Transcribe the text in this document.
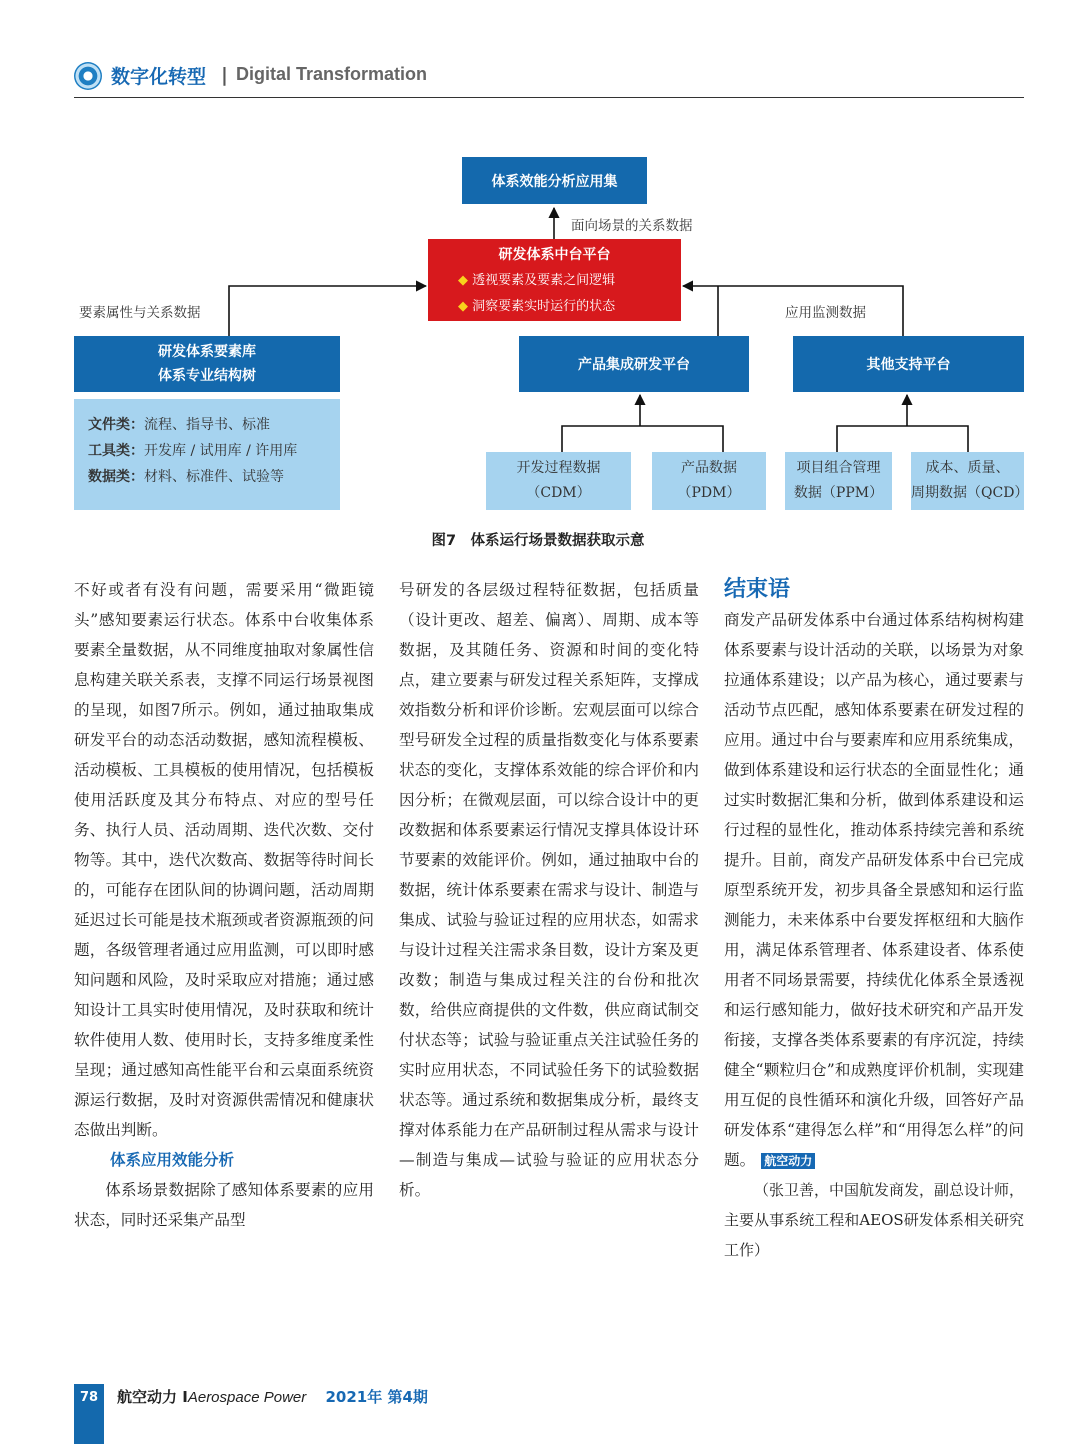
数字化转型 | Digital Transformation
体系效能分析应用集
面向场景的关系数据
研发体系中台平台
◆ 透视要素及要素之间逻辑
◆ 洞察要素实时运行的状态
要素属性与关系数据	应用监测数据
研发体系要素库
体系专业结构树
文件类：流程、指导书、标准
工具类：开发库 / 试用库 / 许用库
数据类：材料、标准件、试验等
产品集成研发平台	其他支持平台
开发过程数据
（CDM）
产品数据
（PDM）
项目组合管理
数据（PPM）
成本、质量、
周期数据（QCD）
图7　体系运行场景数据获取示意

不好或者有没有问题，需要采用“微距镜头”感知要素运行状态。体系中台收集体系要素全量数据，从不同维度抽取对象属性信息构建关联关系表，支撑不同运行场景视图的呈现，如图7所示。例如，通过抽取集成研发平台的动态活动数据，感知流程模板、活动模板、工具模板的使用情况，包括模板使用活跃度及其分布特点、对应的型号任务、执行人员、活动周期、迭代次数、交付物等。其中，迭代次数高、数据等待时间长的，可能存在团队间的协调问题，活动周期延迟过长可能是技术瓶颈或者资源瓶颈的问题，各级管理者通过应用监测，可以即时感知问题和风险，及时采取应对措施；通过感知设计工具实时使用情况，及时获取和统计软件使用人数、使用时长，支持多维度柔性呈现；通过感知高性能平台和云桌面系统资源运行数据，及时对资源供需情况和健康状态做出判断。

体系应用效能分析

体系场景数据除了感知体系要素的应用状态，同时还采集产品型

号研发的各层级过程特征数据，包括质量（设计更改、超差、偏离）、周期、成本等数据，及其随任务、资源和时间的变化特点，建立要素与研发过程关系矩阵，支撑成效指数分析和评价诊断。宏观层面可以综合型号研发全过程的质量指数变化与体系要素状态的变化，支撑体系效能的综合评价和内因分析；在微观层面，可以综合设计中的更改数据和体系要素运行情况支撑具体设计环节要素的效能评价。例如，通过抽取中台的数据，统计体系要素在需求与设计、制造与集成、试验与验证过程的应用状态，如需求与设计过程关注需求条目数，设计方案及更改数；制造与集成过程关注的台份和批次数，给供应商提供的文件数，供应商试制交付状态等；试验与验证重点关注试验任务的实时应用状态，不同试验任务下的试验数据状态等。通过系统和数据集成分析，最终支撑对体系能力在产品研制过程从需求与设计—制造与集成—试验与验证的应用状态分析。

结束语

商发产品研发体系中台通过体系结构树构建体系要素与设计活动的关联，以场景为对象拉通体系建设；以产品为核心，通过要素与活动节点匹配，感知体系要素在研发过程的应用。通过中台与要素库和应用系统集成，做到体系建设和运行状态的全面显性化；通过实时数据汇集和分析，做到体系建设和运行过程的显性化，推动体系持续完善和系统提升。目前，商发产品研发体系中台已完成原型系统开发，初步具备全景感知和运行监测能力，未来体系中台要发挥枢纽和大脑作用，满足体系管理者、体系建设者、体系使用者不同场景需要，持续优化体系全景透视和运行感知能力，做好技术研究和产品开发衔接，支撑各类体系要素的有序沉淀，持续健全“颗粒归仓”和成熟度评价机制，实现建用互促的良性循环和演化升级，回答好产品研发体系“建得怎么样”和“用得怎么样”的问题。 航空动力

（张卫善，中国航发商发，副总设计师，主要从事系统工程和AEOS研发体系相关研究工作）

78	航空动力 IAerospace Power 2021年 第4期
